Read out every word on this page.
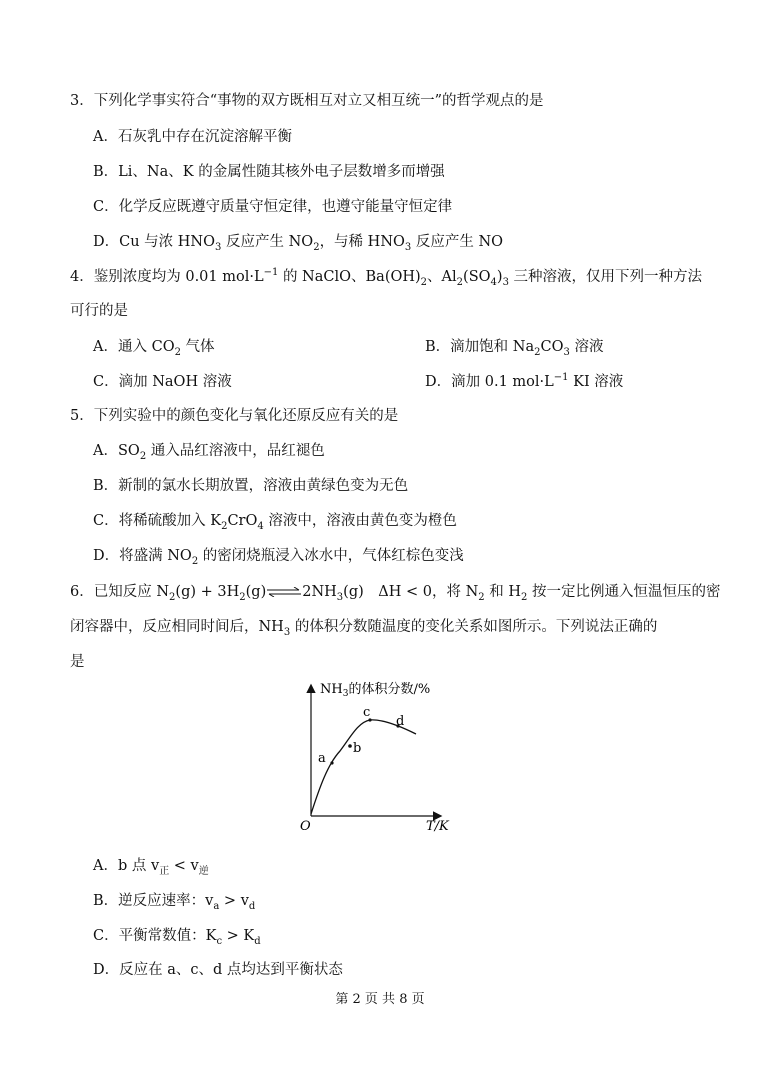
3．下列化学事实符合“事物的双方既相互对立又相互统一”的哲学观点的是
A．石灰乳中存在沉淀溶解平衡
B．Li、Na、K 的金属性随其核外电子层数增多而增强
C．化学反应既遵守质量守恒定律，也遵守能量守恒定律
D．Cu 与浓 $HNO_3$ 反应产生 $NO_2$，与稀 $HNO_3$ 反应产生 NO
4．鉴别浓度均为 0.01 $mol\cdot L^{-1}$ 的 NaClO、$Ba(OH)_2$、$Al_2(SO_4)_3$ 三种溶液，仅用下列一种方法
可行的是
A．通入 $CO_2$ 气体	B．滴加饱和 $Na_2CO_3$ 溶液
C．滴加 NaOH 溶液	D．滴加 0.1 $mol\cdot L^{-1}$ KI 溶液
5．下列实验中的颜色变化与氧化还原反应有关的是
A．$SO_2$ 通入品红溶液中，品红褪色
B．新制的氯水长期放置，溶液由黄绿色变为无色
C．将稀硫酸加入 $K_2CrO_4$ 溶液中，溶液由黄色变为橙色
D．将盛满 $NO_2$ 的密闭烧瓶浸入冰水中，气体红棕色变浅
6．已知反应 $N_2(g)$ + $3H_2(g)\rightleftharpoons 2NH_3(g)$　ΔH < 0，将 $N_2$ 和 $H_2$ 按一定比例通入恒温恒压的密
闭容器中，反应相同时间后，$NH_3$ 的体积分数随温度的变化关系如图所示。下列说法正确的
是
a
b
c
d
$NH_3$的体积分数/%
T/K
O
A．b 点 $v_正 < v_逆$
B．逆反应速率：$v_a > v_d$
C．平衡常数值：$K_c > K_d$
D．反应在 a、c、d 点均达到平衡状态
第 2 页 共 8 页
